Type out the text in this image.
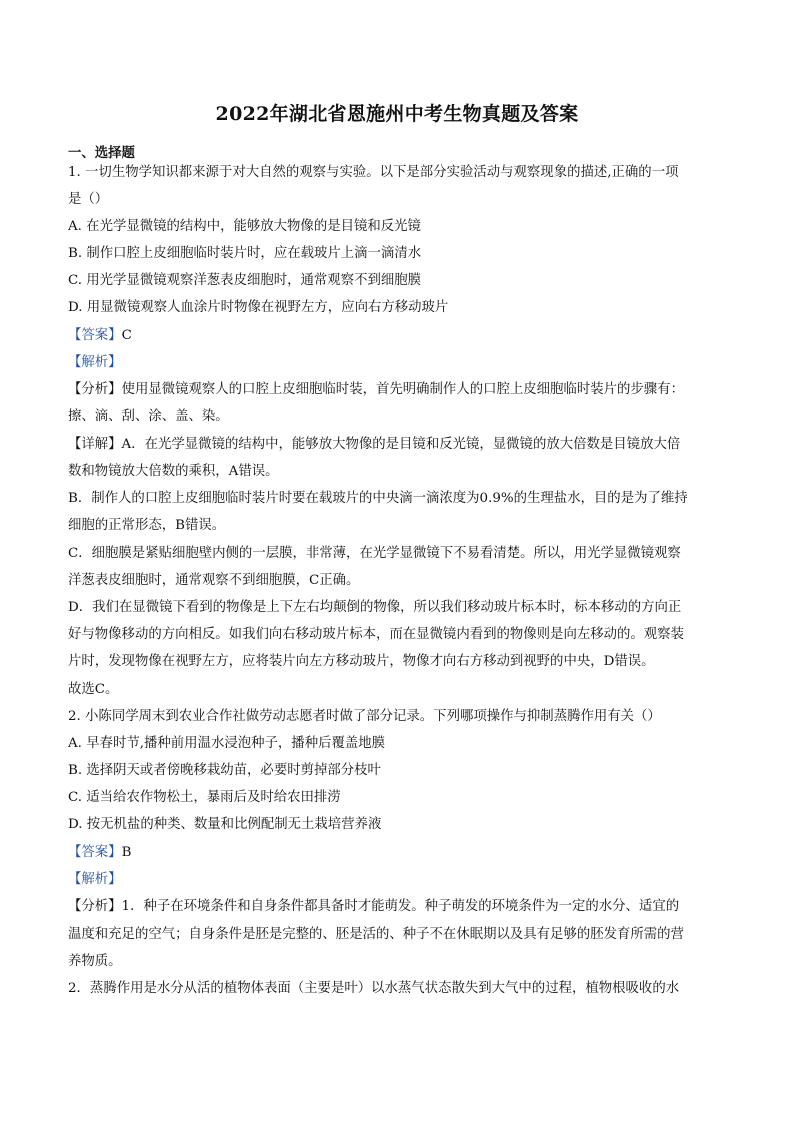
2022年湖北省恩施州中考生物真题及答案
一、选择题
1. 一切生物学知识都来源于对大自然的观察与实验。以下是部分实验活动与观察现象的描述,正确的一项
是（）
A. 在光学显微镜的结构中，能够放大物像的是目镜和反光镜
B. 制作口腔上皮细胞临时装片时，应在载玻片上滴一滴清水
C. 用光学显微镜观察洋葱表皮细胞时，通常观察不到细胞膜
D. 用显微镜观察人血涂片时物像在视野左方，应向右方移动玻片
【答案】C
【解析】
【分析】使用显微镜观察人的口腔上皮细胞临时装，首先明确制作人的口腔上皮细胞临时装片的步骤有：
擦、滴、刮、涂、盖、染。
【详解】A．在光学显微镜的结构中，能够放大物像的是目镜和反光镜，显微镜的放大倍数是目镜放大倍
数和物镜放大倍数的乘积，A错误。
B．制作人的口腔上皮细胞临时装片时要在载玻片的中央滴一滴浓度为0.9%的生理盐水，目的是为了维持
细胞的正常形态，B错误。
C．细胞膜是紧贴细胞壁内侧的一层膜，非常薄，在光学显微镜下不易看清楚。所以，用光学显微镜观察
洋葱表皮细胞时，通常观察不到细胞膜，C正确。
D．我们在显微镜下看到的物像是上下左右均颠倒的物像，所以我们移动玻片标本时，标本移动的方向正
好与物像移动的方向相反。如我们向右移动玻片标本，而在显微镜内看到的物像则是向左移动的。观察装
片时，发现物像在视野左方，应将装片向左方移动玻片，物像才向右方移动到视野的中央，D错误。
故选C。
2. 小陈同学周末到农业合作社做劳动志愿者时做了部分记录。下列哪项操作与抑制蒸腾作用有关（）
A. 早春时节,播种前用温水浸泡种子，播种后覆盖地膜
B. 选择阴天或者傍晚移栽幼苗，必要时剪掉部分枝叶
C. 适当给农作物松土，暴雨后及时给农田排涝
D. 按无机盐的种类、数量和比例配制无土栽培营养液
【答案】B
【解析】
【分析】1．种子在环境条件和自身条件都具备时才能萌发。种子萌发的环境条件为一定的水分、适宜的
温度和充足的空气；自身条件是胚是完整的、胚是活的、种子不在休眠期以及具有足够的胚发育所需的营
养物质。
2．蒸腾作用是水分从活的植物体表面（主要是叶）以水蒸气状态散失到大气中的过程，植物根吸收的水
